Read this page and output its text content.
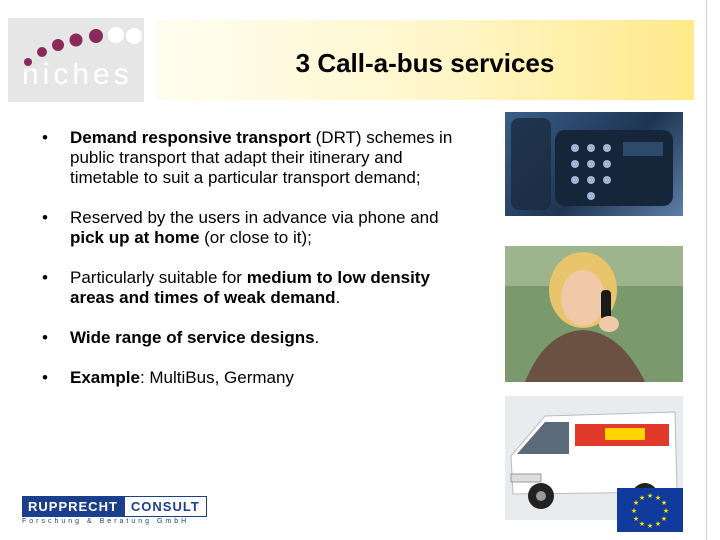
niches	3 Call-a-bus services
• Demand responsive transport (DRT) schemes in public transport that adapt their itinerary and timetable to suit a particular transport demand;
• Reserved by the users in advance via phone and pick up at home (or close to it);
• Particularly suitable for medium to low density areas and times of weak demand.
• Wide range of service designs.
• Example: MultiBus, Germany
RUPPRECHT CONSULT
Forschung & Beratung GmbH
★ ★
★
★
★
★
★
★
★
★
★
★
